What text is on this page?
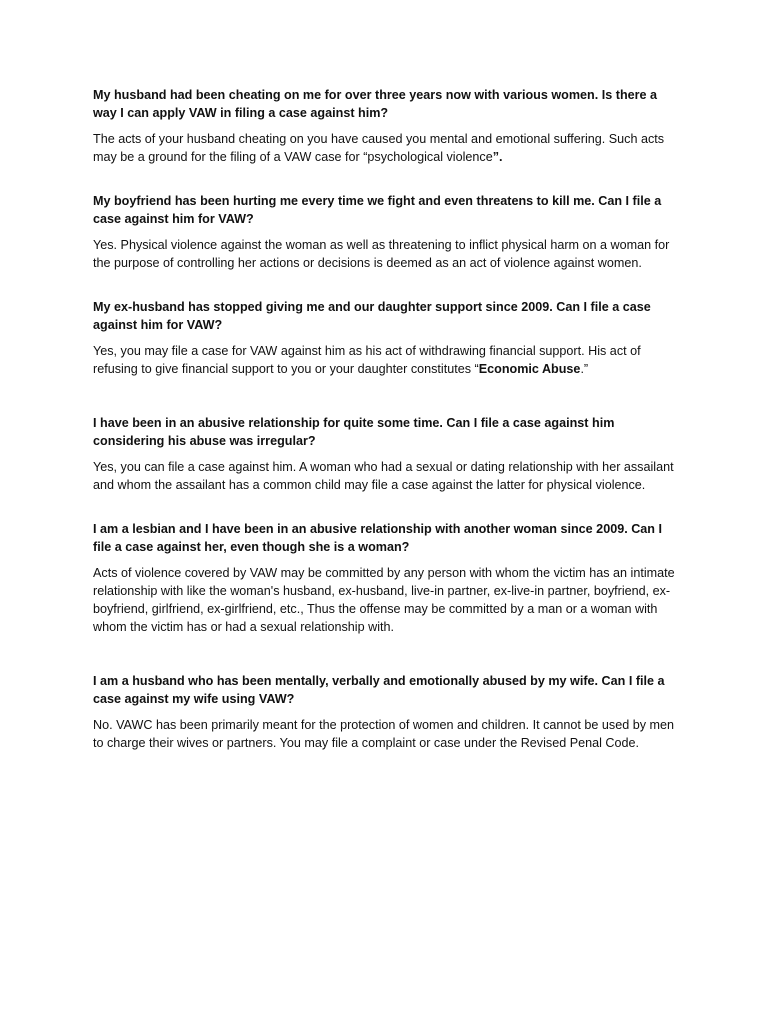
My husband had been cheating on me for over three years now with various women. Is there a way I can apply VAW in filing a case against him?

The acts of your husband cheating on you have caused you mental and emotional suffering. Such acts may be a ground for the filing of a VAW case for “psychological violence”.

My boyfriend has been hurting me every time we fight and even threatens to kill me. Can I file a case against him for VAW?

Yes. Physical violence against the woman as well as threatening to inflict physical harm on a woman for the purpose of controlling her actions or decisions is deemed as an act of violence against women.

My ex-husband has stopped giving me and our daughter support since 2009. Can I file a case against him for VAW?

Yes, you may file a case for VAW against him as his act of withdrawing financial support. His act of refusing to give financial support to you or your daughter constitutes “Economic Abuse.”

I have been in an abusive relationship for quite some time. Can I file a case against him considering his abuse was irregular?

Yes, you can file a case against him. A woman who had a sexual or dating relationship with her assailant and whom the assailant has a common child may file a case against the latter for physical violence.

I am a lesbian and I have been in an abusive relationship with another woman since 2009. Can I file a case against her, even though she is a woman?

Acts of violence covered by VAW may be committed by any person with whom the victim has an intimate relationship with like the woman's husband, ex-husband, live-in partner, ex-live-in partner, boyfriend, ex-boyfriend, girlfriend, ex-girlfriend, etc., Thus the offense may be committed by a man or a woman with whom the victim has or had a sexual relationship with.

I am a husband who has been mentally, verbally and emotionally abused by my wife. Can I file a case against my wife using VAW?

No. VAWC has been primarily meant for the protection of women and children. It cannot be used by men to charge their wives or partners. You may file a complaint or case under the Revised Penal Code.
